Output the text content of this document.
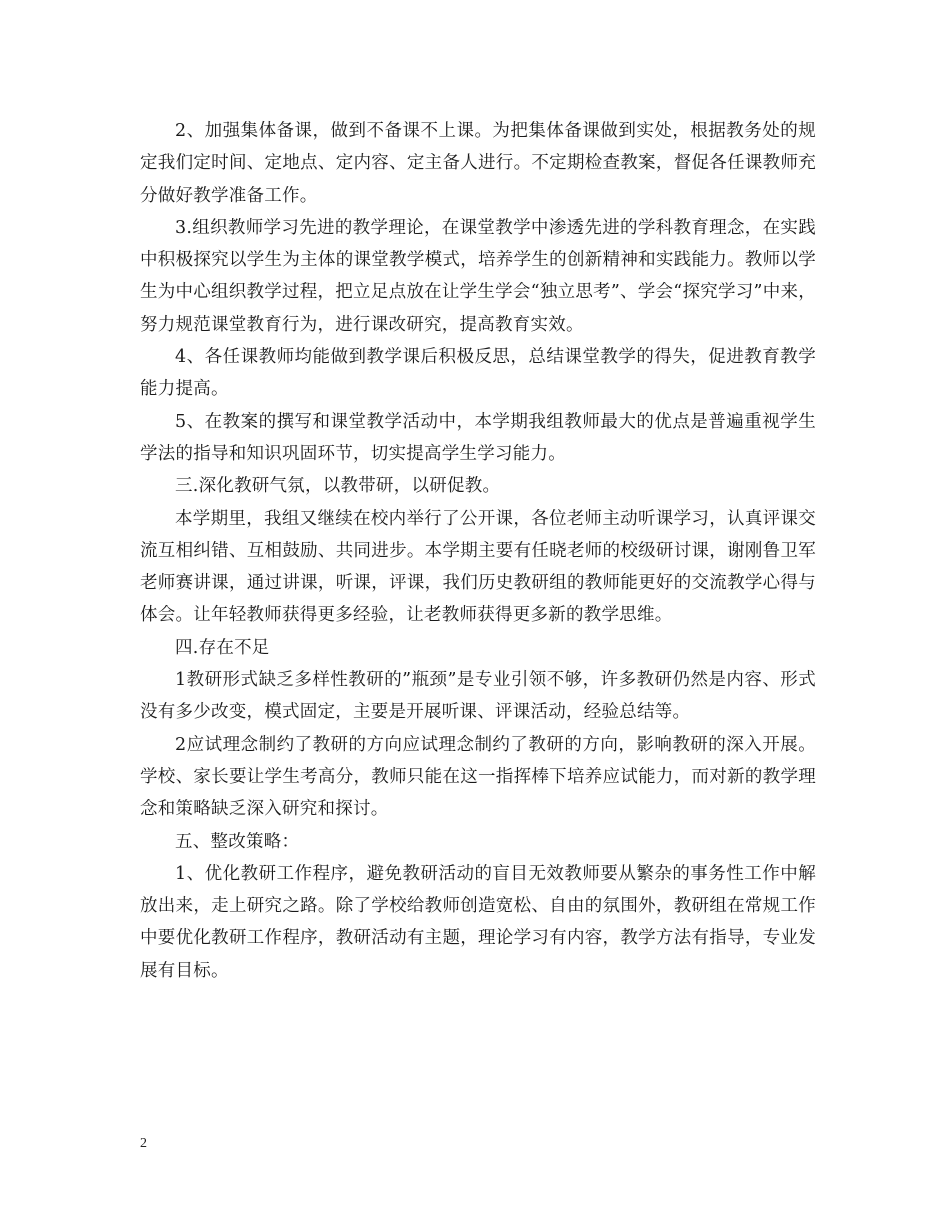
2、加强集体备课，做到不备课不上课。为把集体备课做到实处，根据教务处的规定我们定时间、定地点、定内容、定主备人进行。不定期检查教案，督促各任课教师充分做好教学准备工作。

3.组织教师学习先进的教学理论，在课堂教学中渗透先进的学科教育理念，在实践中积极探究以学生为主体的课堂教学模式，培养学生的创新精神和实践能力。教师以学生为中心组织教学过程，把立足点放在让学生学会“独立思考”、学会“探究学习”中来，努力规范课堂教育行为，进行课改研究，提高教育实效。

4、各任课教师均能做到教学课后积极反思，总结课堂教学的得失，促进教育教学能力提高。

5、在教案的撰写和课堂教学活动中，本学期我组教师最大的优点是普遍重视学生学法的指导和知识巩固环节，切实提高学生学习能力。

三.深化教研气氛，以教带研，以研促教。

本学期里，我组又继续在校内举行了公开课，各位老师主动听课学习，认真评课交流互相纠错、互相鼓励、共同进步。本学期主要有任晓老师的校级研讨课，谢刚鲁卫军老师赛讲课，通过讲课，听课，评课，我们历史教研组的教师能更好的交流教学心得与体会。让年轻教师获得更多经验，让老教师获得更多新的教学思维。

四.存在不足

1教研形式缺乏多样性教研的”瓶颈”是专业引领不够，许多教研仍然是内容、形式没有多少改变，模式固定，主要是开展听课、评课活动，经验总结等。

2应试理念制约了教研的方向应试理念制约了教研的方向，影响教研的深入开展。学校、家长要让学生考高分，教师只能在这一指挥棒下培养应试能力，而对新的教学理念和策略缺乏深入研究和探讨。

五、整改策略：

1、优化教研工作程序，避免教研活动的盲目无效教师要从繁杂的事务性工作中解放出来，走上研究之路。除了学校给教师创造宽松、自由的氛围外，教研组在常规工作中要优化教研工作程序，教研活动有主题，理论学习有内容，教学方法有指导，专业发展有目标。

2
